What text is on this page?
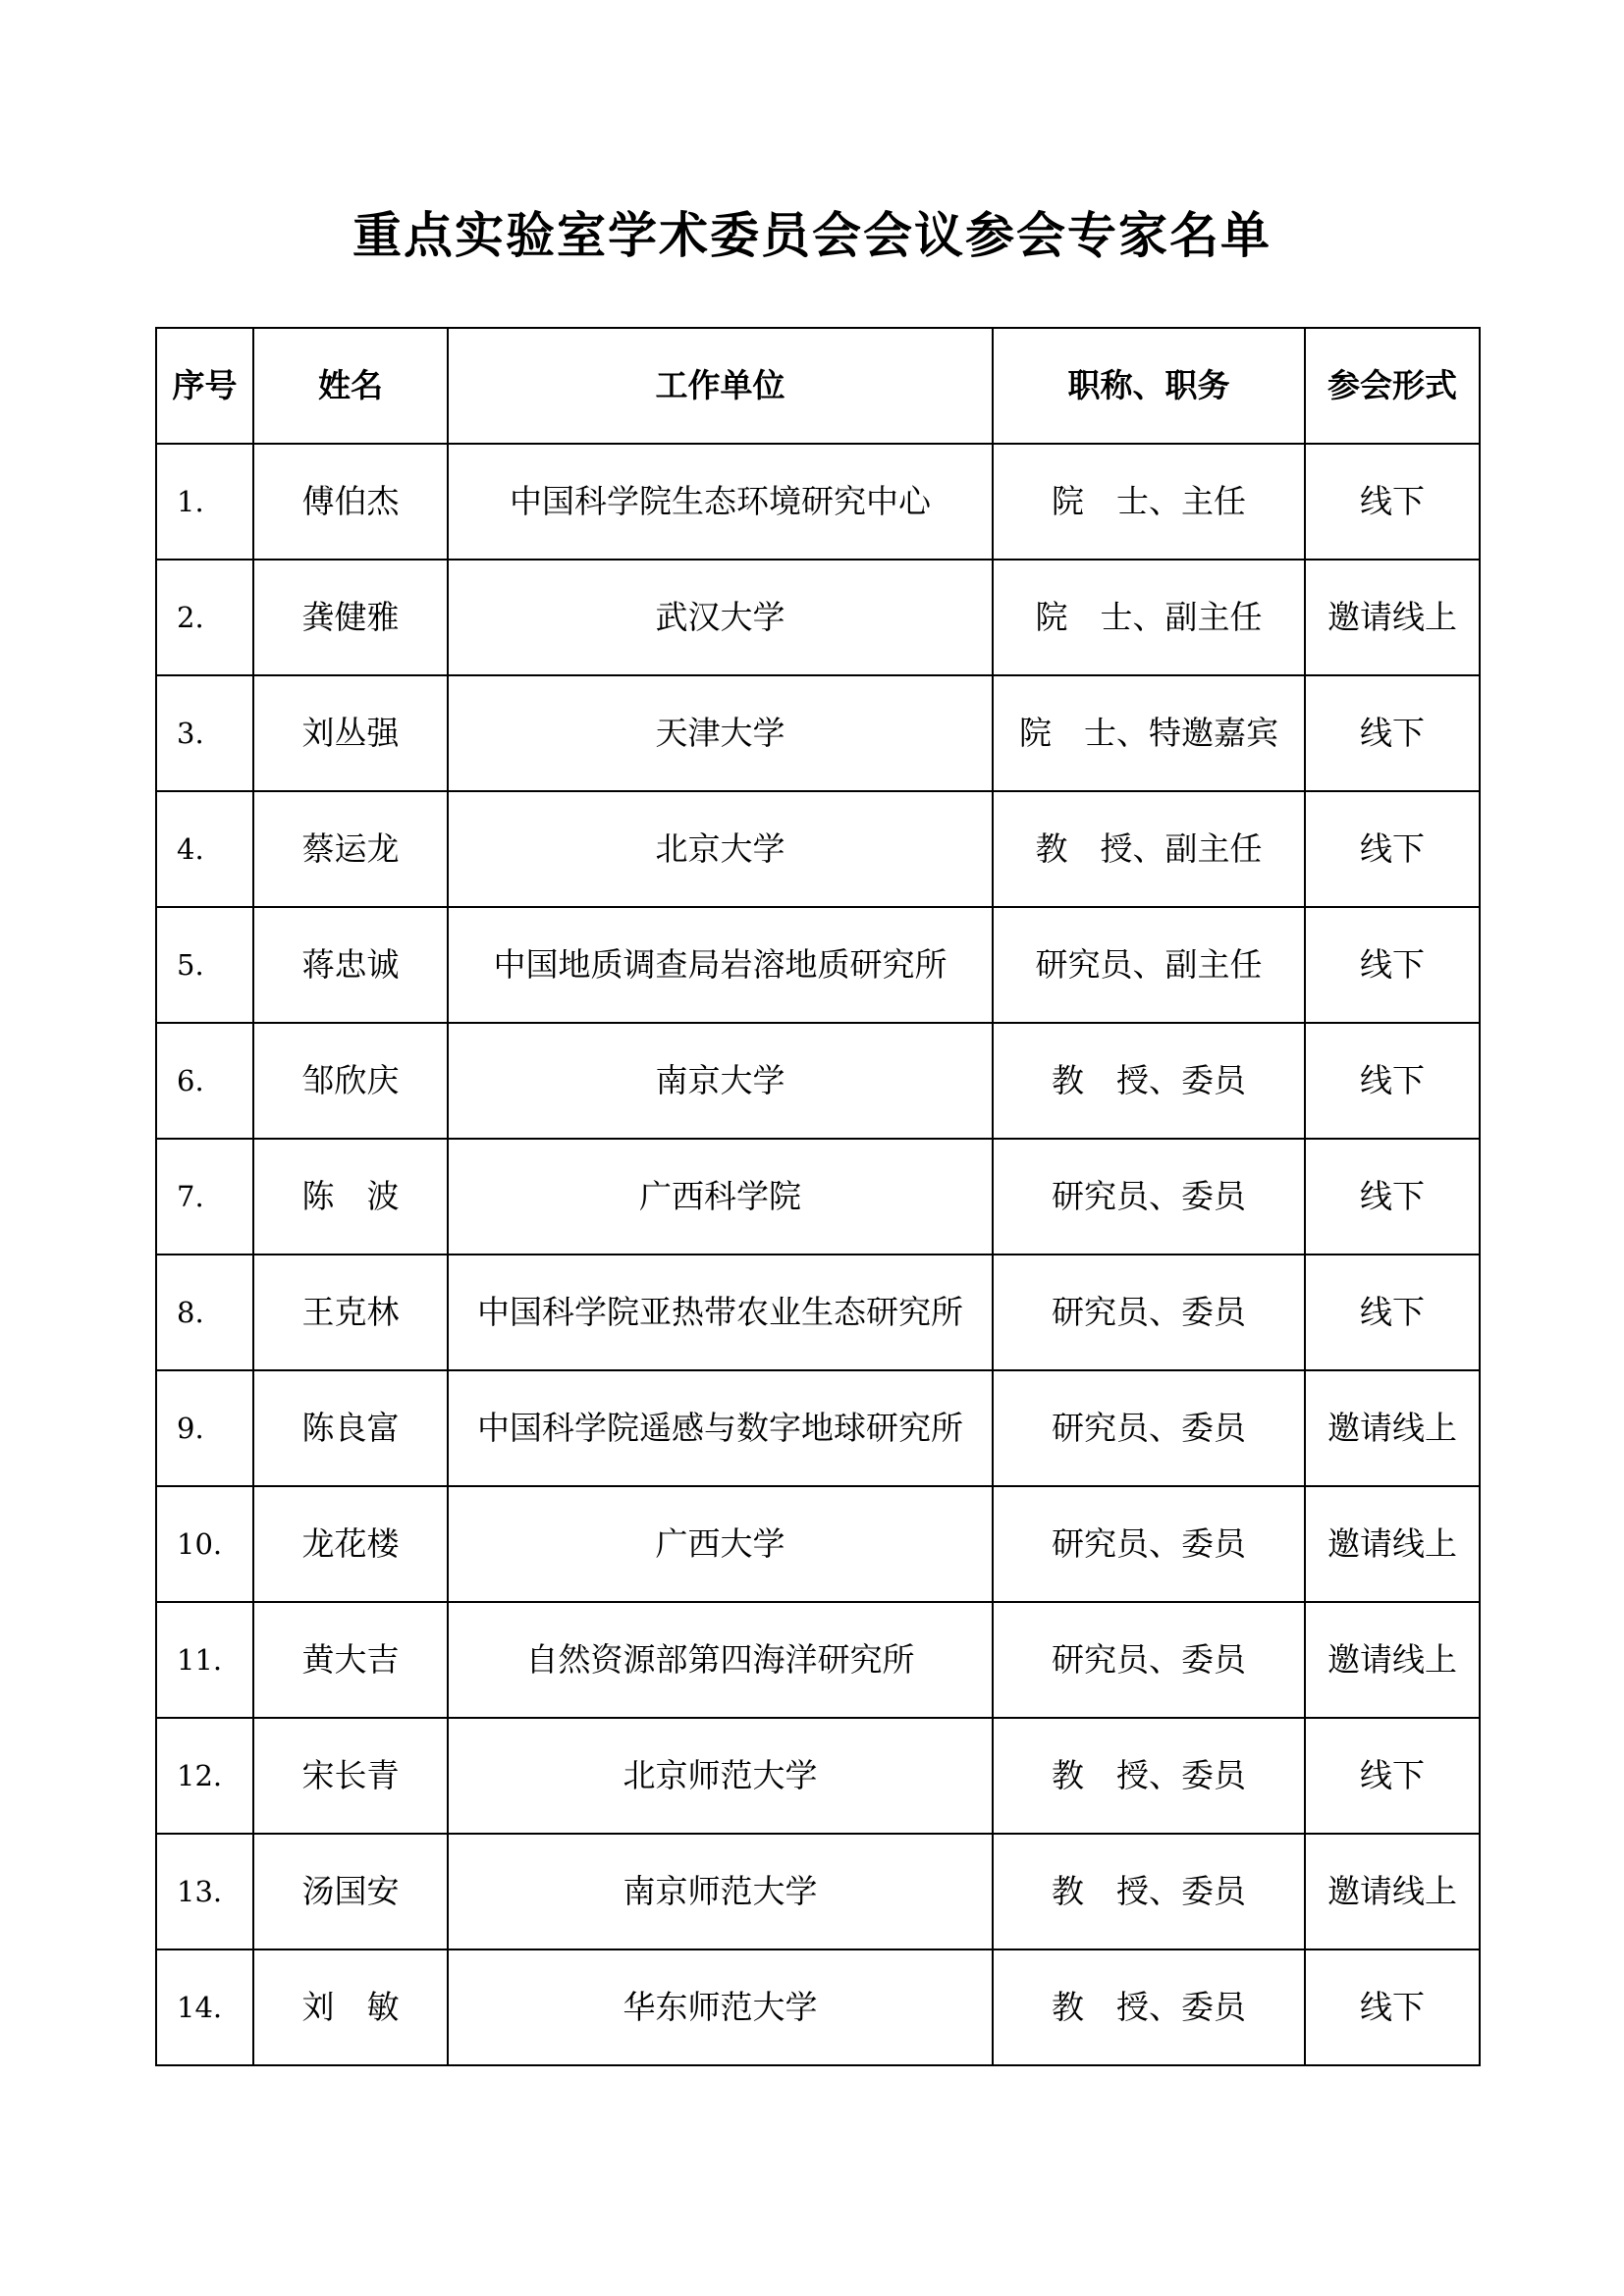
重点实验室学术委员会会议参会专家名单
序号	姓名	工作单位	职称、职务	参会形式
1.	傅伯杰	中国科学院生态环境研究中心	院　士、主任	线下
2.	龚健雅	武汉大学	院　士、副主任	邀请线上
3.	刘丛强	天津大学	院　士、特邀嘉宾	线下
4.	蔡运龙	北京大学	教　授、副主任	线下
5.	蒋忠诚	中国地质调查局岩溶地质研究所	研究员、副主任	线下
6.	邹欣庆	南京大学	教　授、委员	线下
7.	陈　波	广西科学院	研究员、委员	线下
8.	王克林	中国科学院亚热带农业生态研究所	研究员、委员	线下
9.	陈良富	中国科学院遥感与数字地球研究所	研究员、委员	邀请线上
10.	龙花楼	广西大学	研究员、委员	邀请线上
11.	黄大吉	自然资源部第四海洋研究所	研究员、委员	邀请线上
12.	宋长青	北京师范大学	教　授、委员	线下
13.	汤国安	南京师范大学	教　授、委员	邀请线上
14.	刘　敏	华东师范大学	教　授、委员	线下
